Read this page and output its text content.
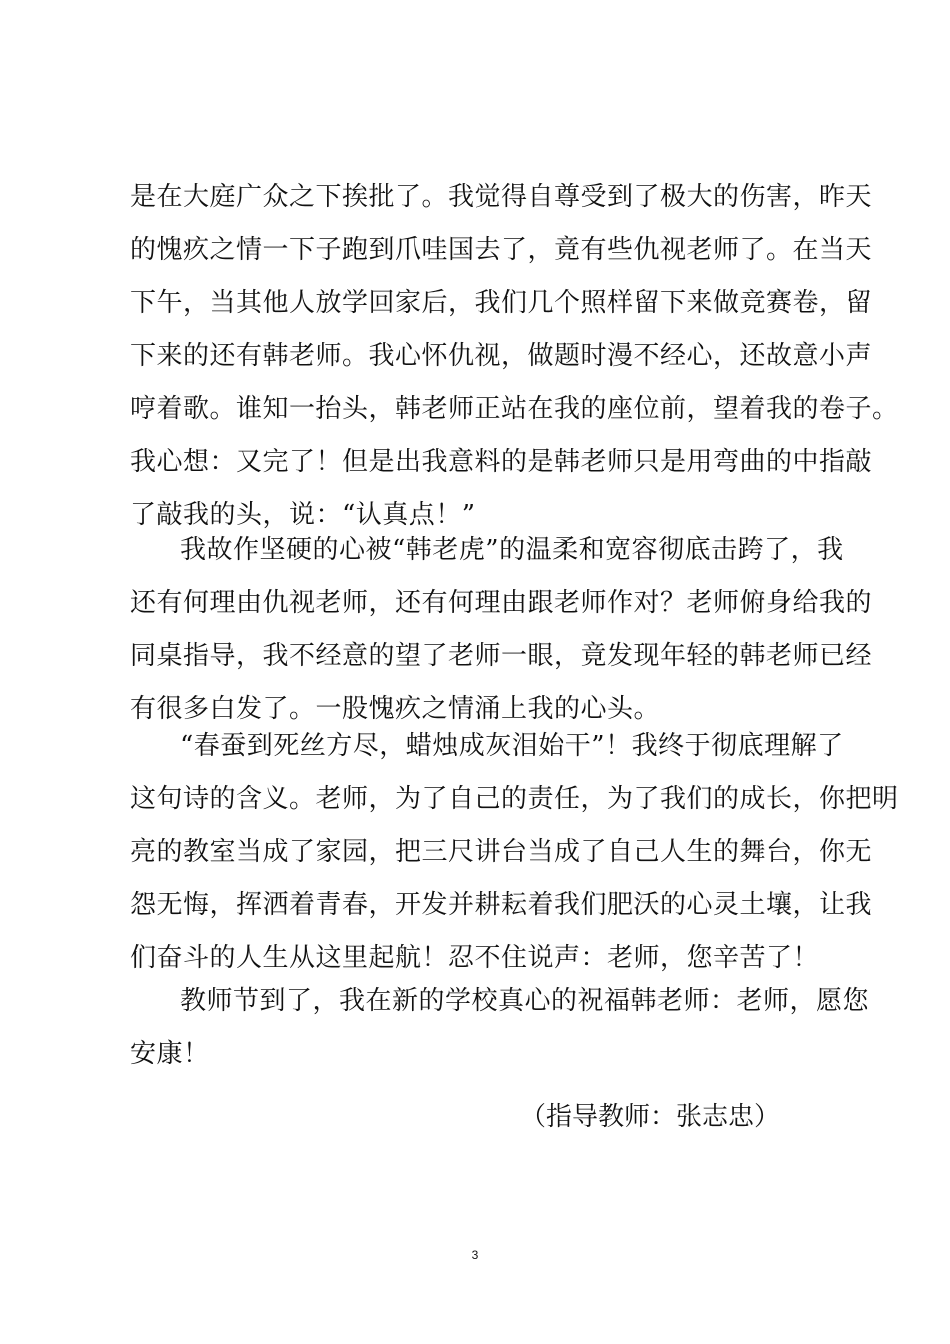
是在大庭广众之下挨批了。我觉得自尊受到了极大的伤害，昨天
的愧疚之情一下子跑到爪哇国去了，竟有些仇视老师了。在当天
下午，当其他人放学回家后，我们几个照样留下来做竞赛卷，留
下来的还有韩老师。我心怀仇视，做题时漫不经心，还故意小声
哼着歌。谁知一抬头，韩老师正站在我的座位前，望着我的卷子。
我心想：又完了！但是出我意料的是韩老师只是用弯曲的中指敲
了敲我的头，说：“认真点！”
我故作坚硬的心被“韩老虎”的温柔和宽容彻底击跨了，我
还有何理由仇视老师，还有何理由跟老师作对？老师俯身给我的
同桌指导，我不经意的望了老师一眼，竟发现年轻的韩老师已经
有很多白发了。一股愧疚之情涌上我的心头。
“春蚕到死丝方尽，蜡烛成灰泪始干”！我终于彻底理解了
这句诗的含义。老师，为了自己的责任，为了我们的成长，你把明
亮的教室当成了家园，把三尺讲台当成了自己人生的舞台，你无
怨无悔，挥洒着青春，开发并耕耘着我们肥沃的心灵土壤，让我
们奋斗的人生从这里起航！忍不住说声：老师，您辛苦了！
教师节到了，我在新的学校真心的祝福韩老师：老师，愿您
安康！
（指导教师：张志忠）
3
